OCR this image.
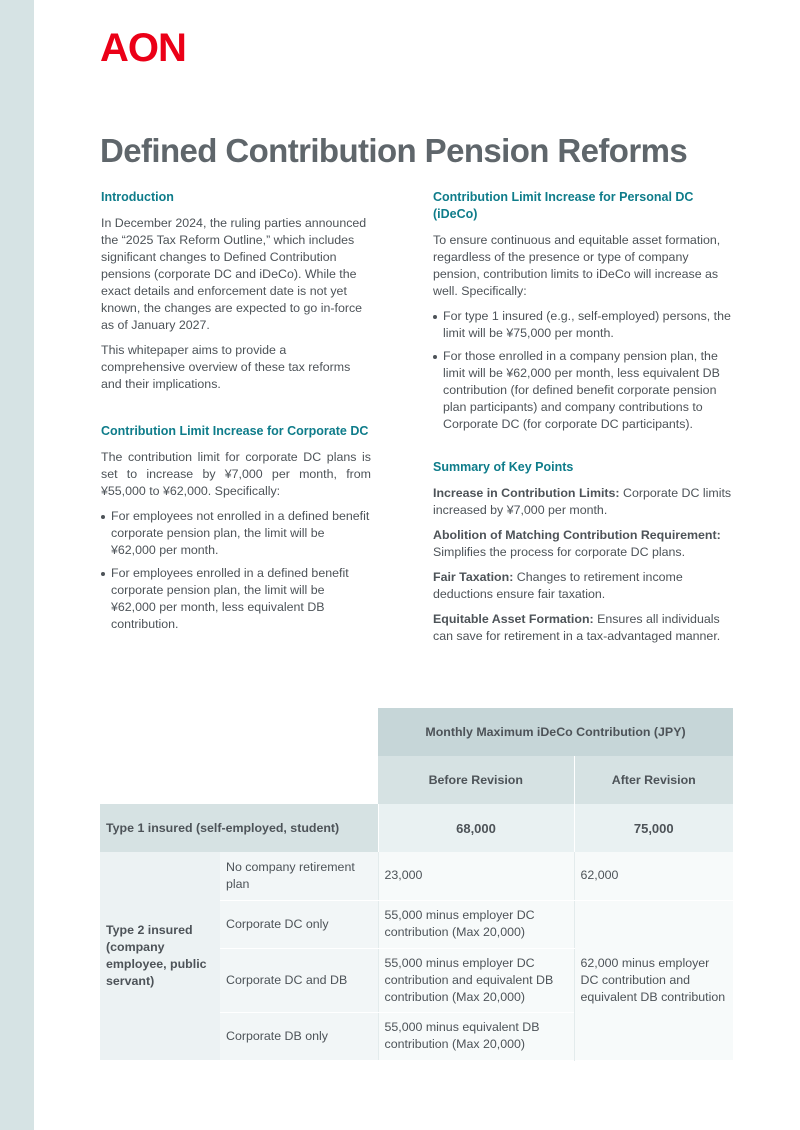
AON
Defined Contribution Pension Reforms
Introduction

In December 2024, the ruling parties announced the “2025 Tax Reform Outline,” which includes significant changes to Defined Contribution pensions (corporate DC and iDeCo). While the exact details and enforcement date is not yet known, the changes are expected to go in-force as of January 2027.

This whitepaper aims to provide a comprehensive overview of these tax reforms and their implications.

Contribution Limit Increase for Corporate DC

The contribution limit for corporate DC plans is set to increase by ¥7,000 per month, from ¥55,000 to ¥62,000. Specifically:

For employees not enrolled in a defined benefit corporate pension plan, the limit will be ¥62,000 per month.
For employees enrolled in a defined benefit corporate pension plan, the limit will be ¥62,000 per month, less equivalent DB contribution.
Contribution Limit Increase for Personal DC (iDeCo)

To ensure continuous and equitable asset formation, regardless of the presence or type of company pension, contribution limits to iDeCo will increase as well. Specifically:

For type 1 insured (e.g., self-employed) persons, the limit will be ¥75,000 per month.
For those enrolled in a company pension plan, the limit will be ¥62,000 per month, less equivalent DB contribution (for defined benefit corporate pension plan participants) and company contributions to Corporate DC (for corporate DC participants).
Summary of Key Points

Increase in Contribution Limits: Corporate DC limits increased by ¥7,000 per month.

Abolition of Matching Contribution Requirement: Simplifies the process for corporate DC plans.

Fair Taxation: Changes to retirement income deductions ensure fair taxation.

Equitable Asset Formation: Ensures all individuals can save for retirement in a tax-advantaged manner.

		Monthly Maximum iDeCo Contribution (JPY)	
		Before Revision	After Revision
Type 1 insured (self-employed, student)		68,000	75,000
Type 2 insured (company employee, public servant)	No company retirement plan	23,000	62,000
	Corporate DC only	55,000 minus employer DC contribution (Max 20,000)	62,000 minus employer DC contribution and equivalent DB contribution
	Corporate DC and DB	55,000 minus employer DC contribution and equivalent DB contribution (Max 20,000)	
	Corporate DB only	55,000 minus equivalent DB contribution (Max 20,000)	
